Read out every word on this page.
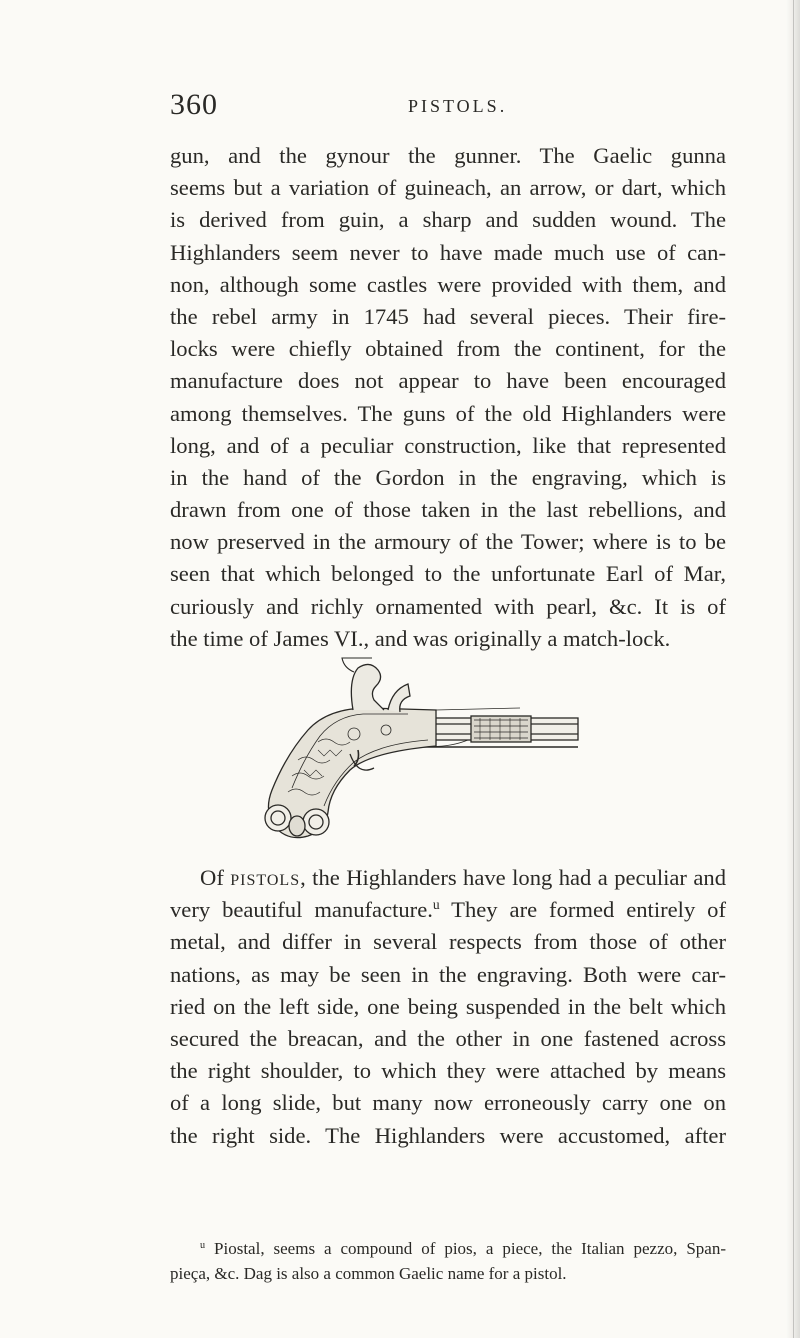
360	PISTOLS.
gun, and the gynour the gunner. The Gaelic gunna
seems but a variation of guineach, an arrow, or dart, which
is derived from guin, a sharp and sudden wound. The
Highlanders seem never to have made much use of can-
non, although some castles were provided with them, and
the rebel army in 1745 had several pieces. Their fire-
locks were chiefly obtained from the continent, for the
manufacture does not appear to have been encouraged
among themselves. The guns of the old Highlanders were
long, and of a peculiar construction, like that represented
in the hand of the Gordon in the engraving, which is
drawn from one of those taken in the last rebellions, and
now preserved in the armoury of the Tower; where is to be
seen that which belonged to the unfortunate Earl of Mar,
curiously and richly ornamented with pearl, &c. It is of
the time of James VI., and was originally a match-lock.
Of pistols, the Highlanders have long had a peculiar and
very beautiful manufacture.$^u$ They are formed entirely of
metal, and differ in several respects from those of other
nations, as may be seen in the engraving. Both were car-
ried on the left side, one being suspended in the belt which
secured the breacan, and the other in one fastened across
the right shoulder, to which they were attached by means
of a long slide, but many now erroneously carry one on
the right side. The Highlanders were accustomed, after
$^u$ Piostal, seems a compound of pios, a piece, the Italian pezzo, Span-
pieça, &c. Dag is also a common Gaelic name for a pistol.
